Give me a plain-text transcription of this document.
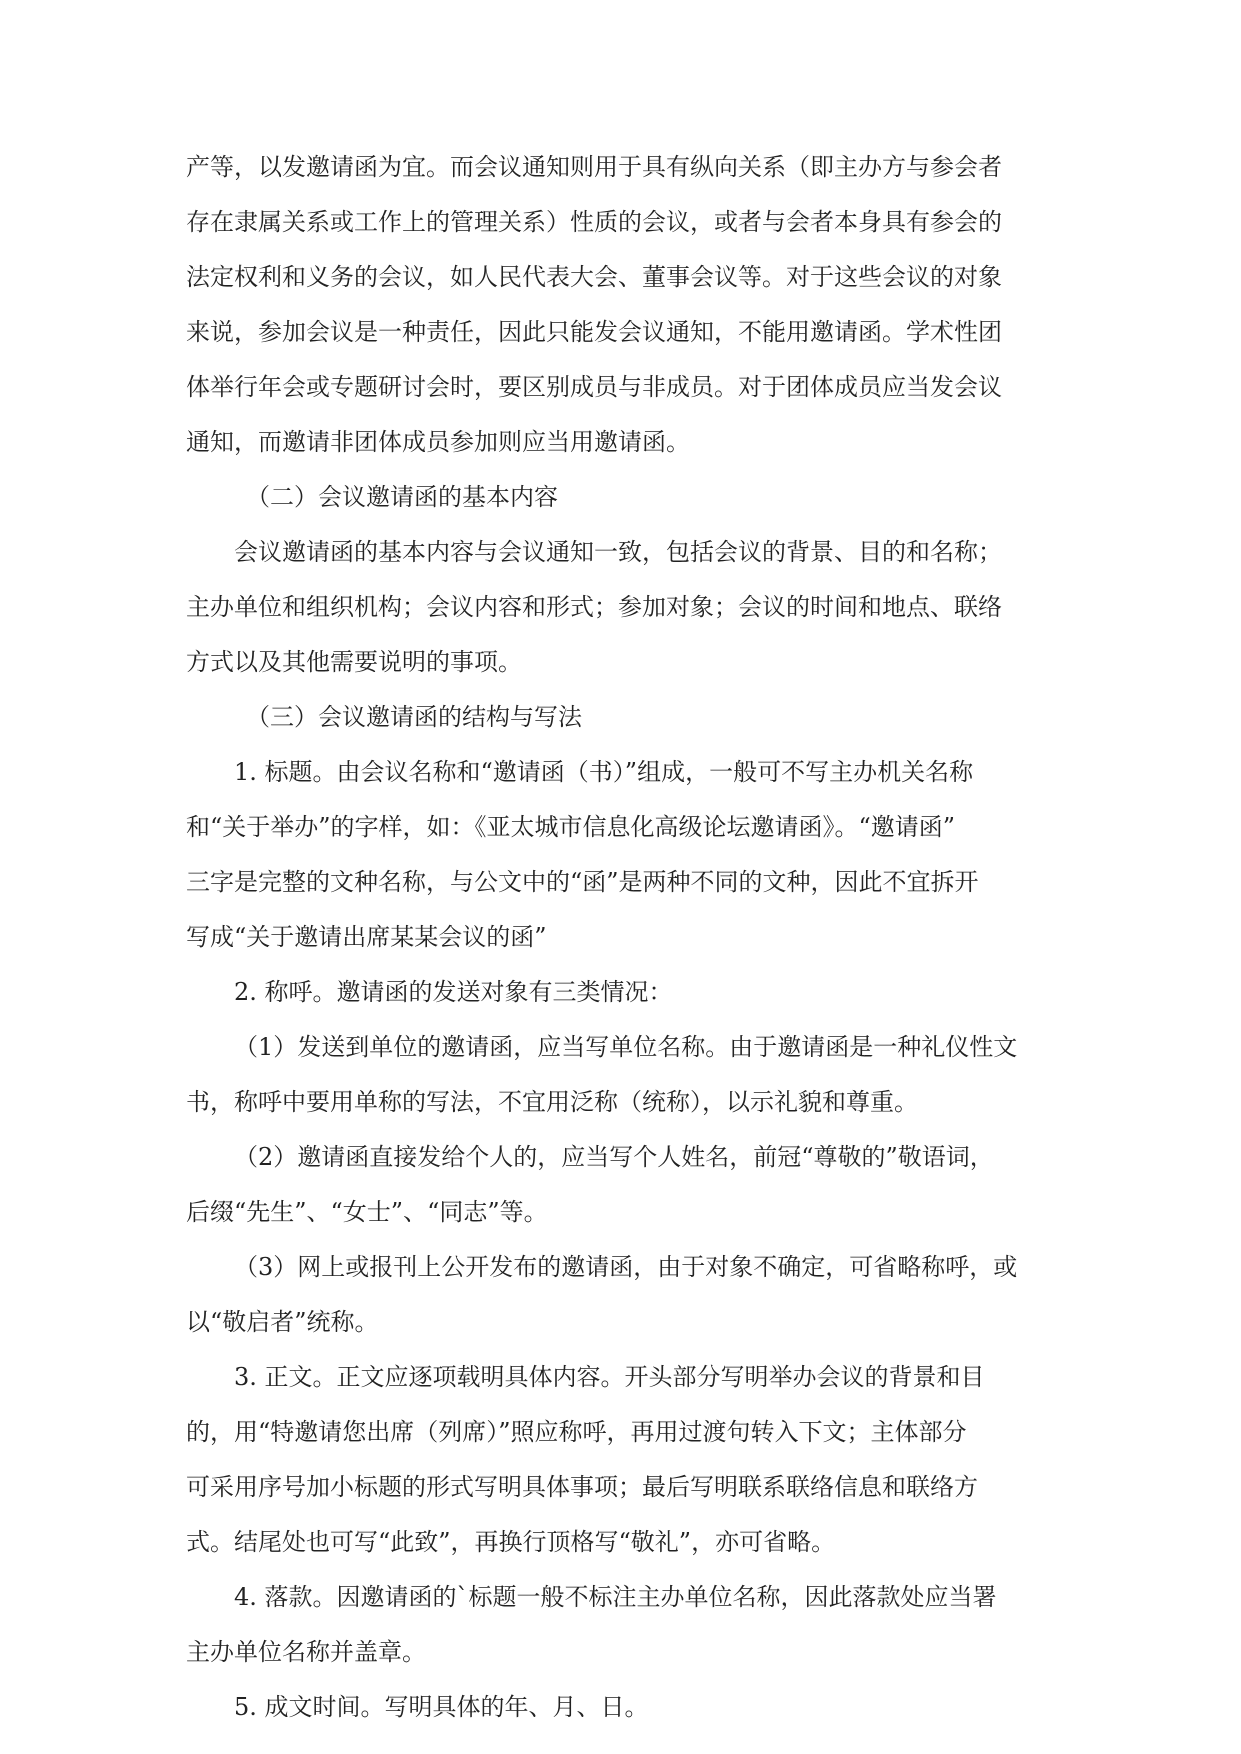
产等，以发邀请函为宜。而会议通知则用于具有纵向关系（即主办方与参会者
存在隶属关系或工作上的管理关系）性质的会议，或者与会者本身具有参会的
法定权利和义务的会议，如人民代表大会、董事会议等。对于这些会议的对象
来说，参加会议是一种责任，因此只能发会议通知，不能用邀请函。学术性团
体举行年会或专题研讨会时，要区别成员与非成员。对于团体成员应当发会议
通知，而邀请非团体成员参加则应当用邀请函。
（二）会议邀请函的基本内容
会议邀请函的基本内容与会议通知一致，包括会议的背景、目的和名称；
主办单位和组织机构；会议内容和形式；参加对象；会议的时间和地点、联络
方式以及其他需要说明的事项。
（三）会议邀请函的结构与写法
1. 标题。由会议名称和“邀请函（书）”组成，一般可不写主办机关名称
和“关于举办”的字样，如：《亚太城市信息化高级论坛邀请函》。“邀请函”
三字是完整的文种名称，与公文中的“函”是两种不同的文种，因此不宜拆开
写成“关于邀请出席某某会议的函”
2. 称呼。邀请函的发送对象有三类情况：
（1）发送到单位的邀请函，应当写单位名称。由于邀请函是一种礼仪性文
书，称呼中要用单称的写法，不宜用泛称（统称），以示礼貌和尊重。
（2）邀请函直接发给个人的，应当写个人姓名，前冠“尊敬的”敬语词，
后缀“先生”、“女士”、“同志”等。
（3）网上或报刊上公开发布的邀请函，由于对象不确定，可省略称呼，或
以“敬启者”统称。
3. 正文。正文应逐项载明具体内容。开头部分写明举办会议的背景和目
的，用“特邀请您出席（列席）”照应称呼，再用过渡句转入下文；主体部分
可采用序号加小标题的形式写明具体事项；最后写明联系联络信息和联络方
式。结尾处也可写“此致”，再换行顶格写“敬礼”，亦可省略。
4. 落款。因邀请函的`标题一般不标注主办单位名称，因此落款处应当署
主办单位名称并盖章。
5. 成文时间。写明具体的年、月、日。
